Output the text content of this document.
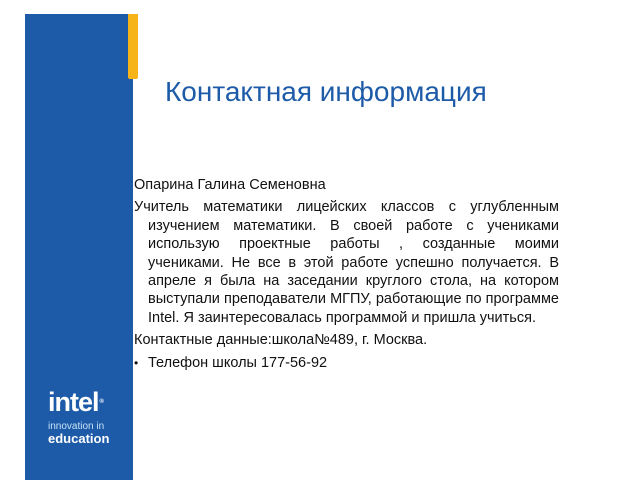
Контактная информация

Опарина Галина Семеновна

Учитель математики лицейских классов с углубленным изучением математики. В своей работе с учениками использую проектные работы , созданные моими учениками. Не все в этой работе успешно получается. В апреле я была на заседании круглого стола, на котором выступали преподаватели МГПУ, работающие по программе Intel. Я заинтересовалась программой и пришла учиться.

Контактные данные:школа№489, г. Москва.

• Телефон школы 177-56-92
intel®
innovation in
education
